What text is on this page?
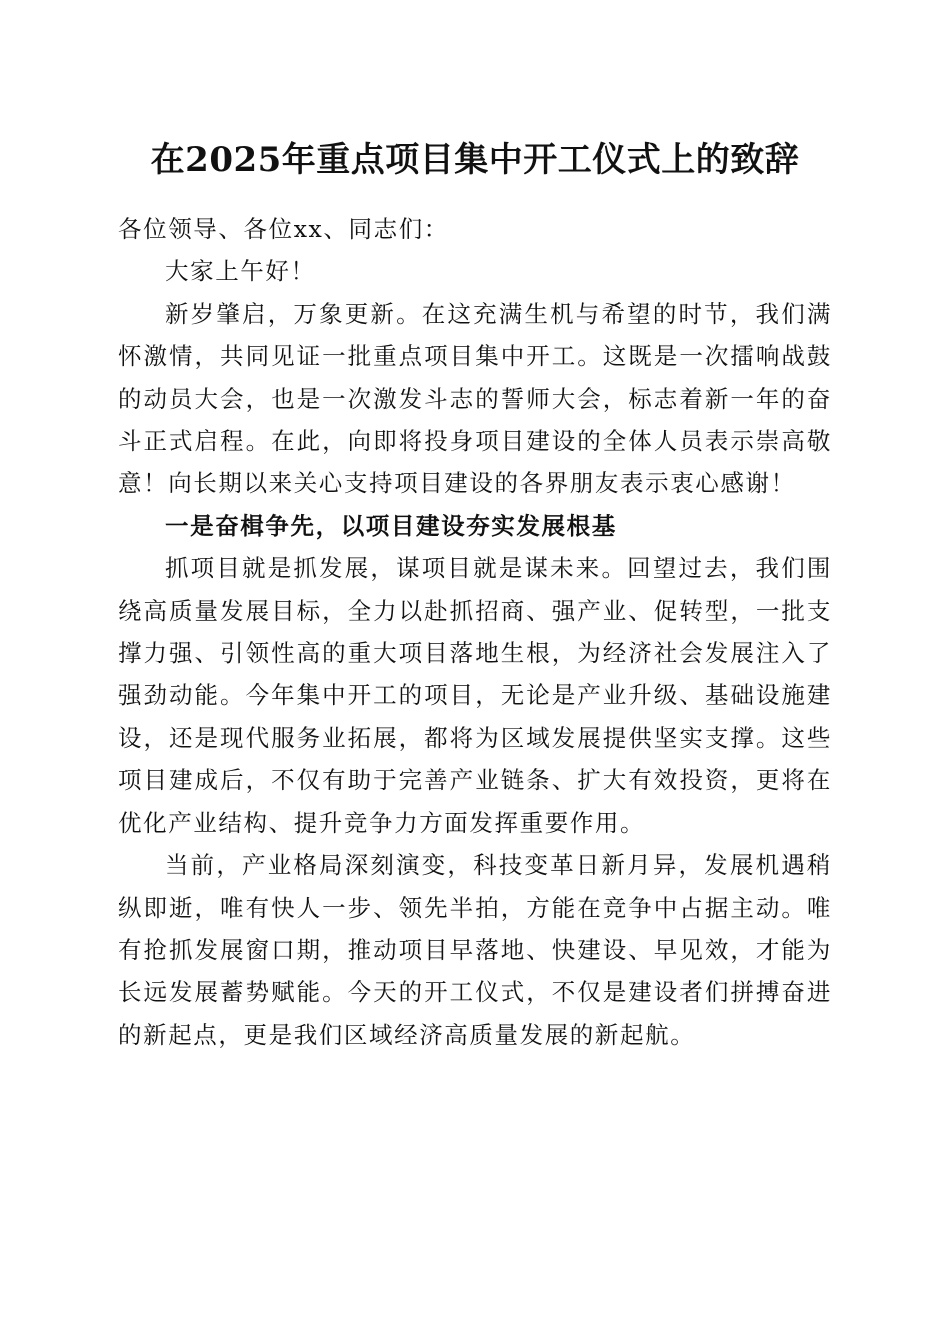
在2025年重点项目集中开工仪式上的致辞

各位领导、各位xx、同志们：

大家上午好！

新岁肇启，万象更新。在这充满生机与希望的时节，我们满怀激情，共同见证一批重点项目集中开工。这既是一次擂响战鼓的动员大会，也是一次激发斗志的誓师大会，标志着新一年的奋斗正式启程。在此，向即将投身项目建设的全体人员表示崇高敬意！向长期以来关心支持项目建设的各界朋友表示衷心感谢！

一是奋楫争先，以项目建设夯实发展根基

抓项目就是抓发展，谋项目就是谋未来。回望过去，我们围绕高质量发展目标，全力以赴抓招商、强产业、促转型，一批支撑力强、引领性高的重大项目落地生根，为经济社会发展注入了强劲动能。今年集中开工的项目，无论是产业升级、基础设施建设，还是现代服务业拓展，都将为区域发展提供坚实支撑。这些项目建成后，不仅有助于完善产业链条、扩大有效投资，更将在优化产业结构、提升竞争力方面发挥重要作用。

当前，产业格局深刻演变，科技变革日新月异，发展机遇稍纵即逝，唯有快人一步、领先半拍，方能在竞争中占据主动。唯有抢抓发展窗口期，推动项目早落地、快建设、早见效，才能为长远发展蓄势赋能。今天的开工仪式，不仅是建设者们拼搏奋进的新起点，更是我们区域经济高质量发展的新起航。
